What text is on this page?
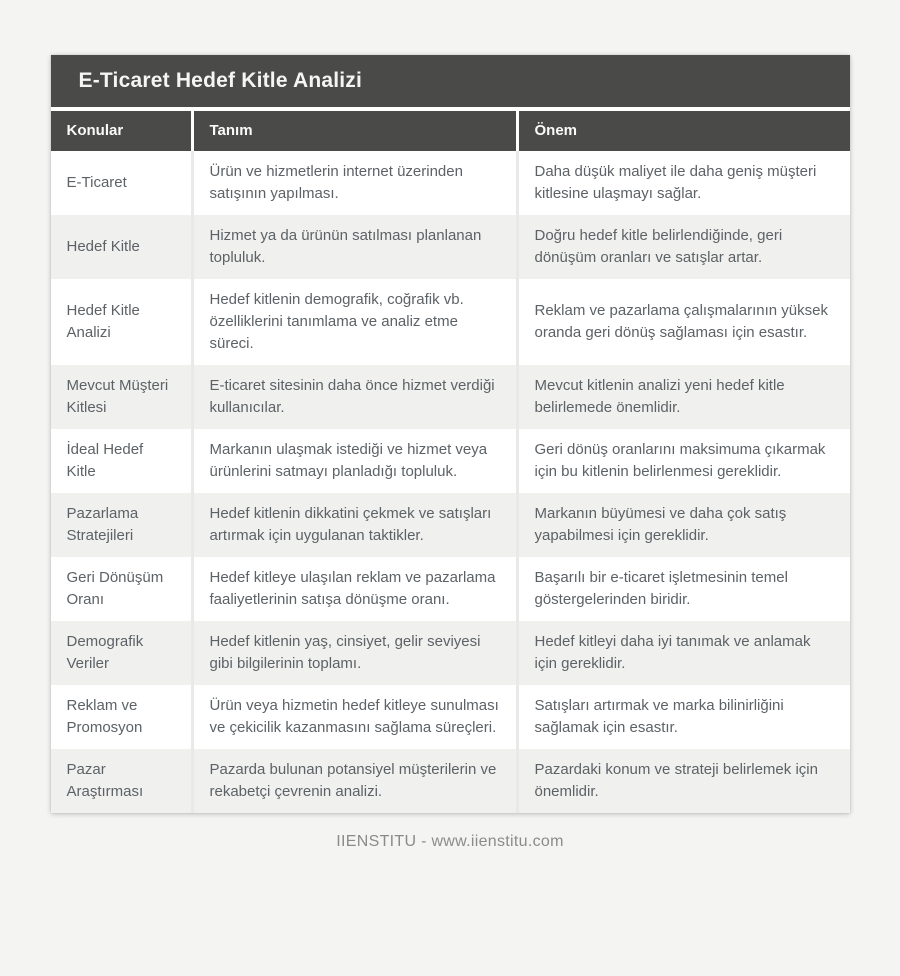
E-Ticaret Hedef Kitle Analizi
Konular	Tanım	Önem
E-Ticaret	Ürün ve hizmetlerin internet üzerinden satışının yapılması.	Daha düşük maliyet ile daha geniş müşteri kitlesine ulaşmayı sağlar.
Hedef Kitle	Hizmet ya da ürünün satılması planlanan topluluk.	Doğru hedef kitle belirlendiğinde, geri dönüşüm oranları ve satışlar artar.
Hedef Kitle Analizi	Hedef kitlenin demografik, coğrafik vb. özelliklerini tanımlama ve analiz etme süreci.	Reklam ve pazarlama çalışmalarının yüksek oranda geri dönüş sağlaması için esastır.
Mevcut Müşteri Kitlesi	E-ticaret sitesinin daha önce hizmet verdiği kullanıcılar.	Mevcut kitlenin analizi yeni hedef kitle belirlemede önemlidir.
İdeal Hedef Kitle	Markanın ulaşmak istediği ve hizmet veya ürünlerini satmayı planladığı topluluk.	Geri dönüş oranlarını maksimuma çıkarmak için bu kitlenin belirlenmesi gereklidir.
Pazarlama Stratejileri	Hedef kitlenin dikkatini çekmek ve satışları artırmak için uygulanan taktikler.	Markanın büyümesi ve daha çok satış yapabilmesi için gereklidir.
Geri Dönüşüm Oranı	Hedef kitleye ulaşılan reklam ve pazarlama faaliyetlerinin satışa dönüşme oranı.	Başarılı bir e-ticaret işletmesinin temel göstergelerinden biridir.
Demografik Veriler	Hedef kitlenin yaş, cinsiyet, gelir seviyesi gibi bilgilerinin toplamı.	Hedef kitleyi daha iyi tanımak ve anlamak için gereklidir.
Reklam ve Promosyon	Ürün veya hizmetin hedef kitleye sunulması ve çekicilik kazanmasını sağlama süreçleri.	Satışları artırmak ve marka bilinirliğini sağlamak için esastır.
Pazar Araştırması	Pazarda bulunan potansiyel müşterilerin ve rekabetçi çevrenin analizi.	Pazardaki konum ve strateji belirlemek için önemlidir.
IIENSTITU - www.iienstitu.com
